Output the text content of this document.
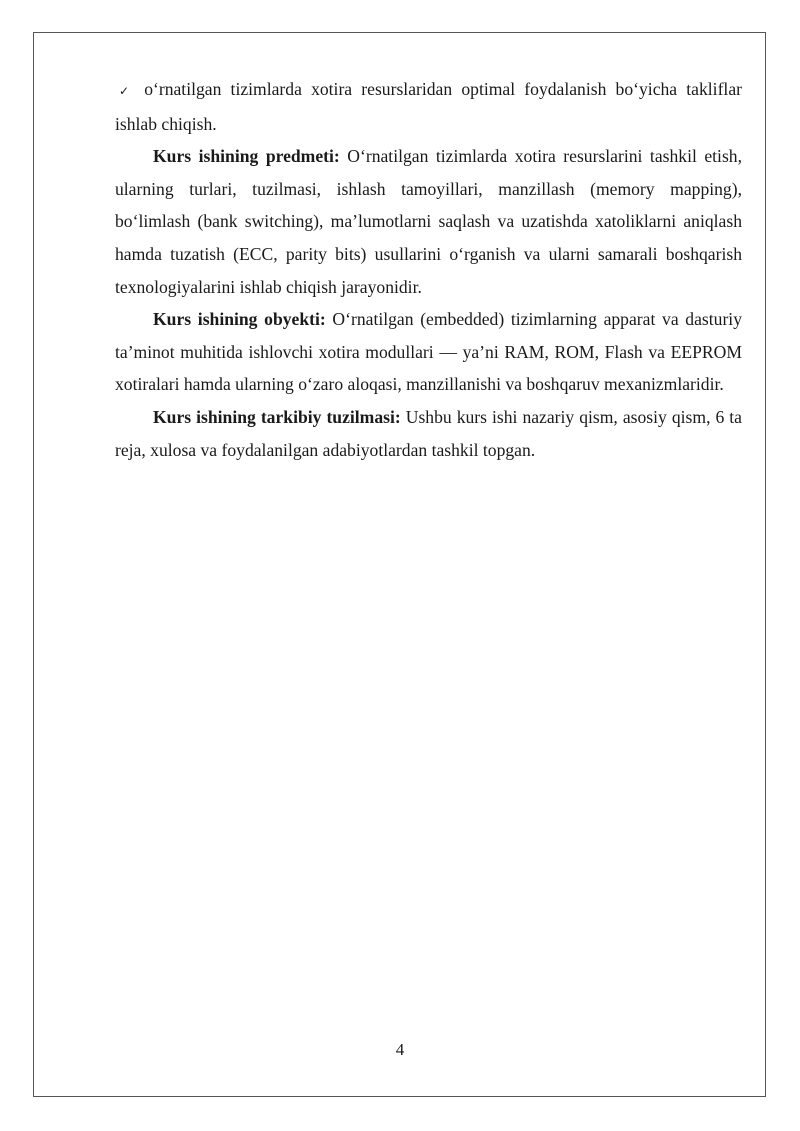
✓ o‘rnatilgan tizimlarda xotira resurslaridan optimal foydalanish bo‘yicha takliflar ishlab chiqish.

Kurs ishining predmeti: O‘rnatilgan tizimlarda xotira resurslarini tashkil etish, ularning turlari, tuzilmasi, ishlash tamoyillari, manzillash (memory mapping), bo‘limlash (bank switching), ma’lumotlarni saqlash va uzatishda xatoliklarni aniqlash hamda tuzatish (ECC, parity bits) usullarini o‘rganish va ularni samarali boshqarish texnologiyalarini ishlab chiqish jarayonidir.

Kurs ishining obyekti: O‘rnatilgan (embedded) tizimlarning apparat va dasturiy ta’minot muhitida ishlovchi xotira modullari — ya’ni RAM, ROM, Flash va EEPROM xotiralari hamda ularning o‘zaro aloqasi, manzillanishi va boshqaruv mexanizmlaridir.

Kurs ishining tarkibiy tuzilmasi: Ushbu kurs ishi nazariy qism, asosiy qism, 6 ta reja, xulosa va foydalanilgan adabiyotlardan tashkil topgan.

4
